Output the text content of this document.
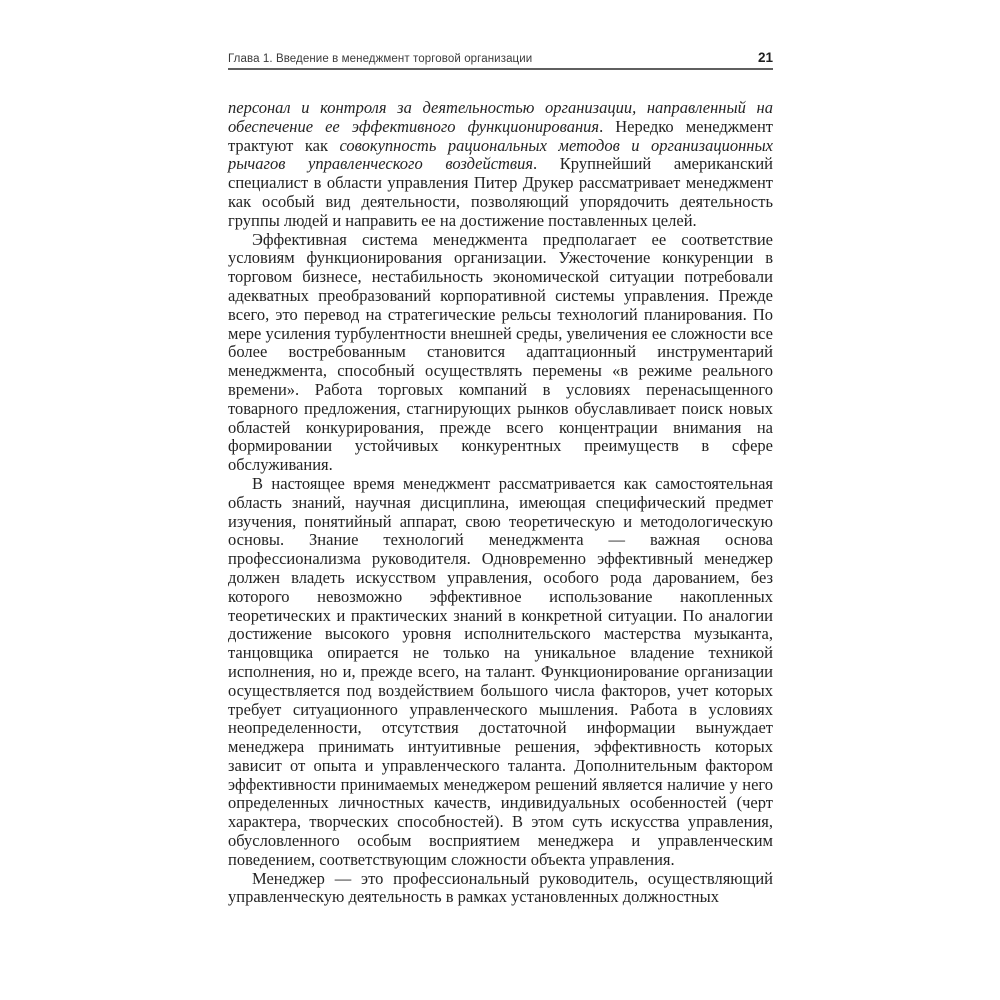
Глава 1. Введение в менеджмент торговой организации	21

персонал и контроля за деятельностью организации, направленный на обеспечение ее эффективного функционирования. Нередко менеджмент трактуют как совокупность рациональных методов и организационных рычагов управленческого воздействия. Крупнейший американский специалист в области управления Питер Друкер рассматривает менеджмент как особый вид деятельности, позволяющий упорядочить деятельность группы людей и направить ее на достижение поставленных целей.

Эффективная система менеджмента предполагает ее соответствие условиям функционирования организации. Ужесточение конкуренции в торговом бизнесе, нестабильность экономической ситуации потребовали адекватных преобразований корпоративной системы управления. Прежде всего, это перевод на стратегические рельсы технологий планирования. По мере усиления турбулентности внешней среды, увеличения ее сложности все более востребованным становится адаптационный инструментарий менеджмента, способный осуществлять перемены «в режиме реального времени». Работа торговых компаний в условиях перенасыщенного товарного предложения, стагнирующих рынков обуславливает поиск новых областей конкурирования, прежде всего концентрации внимания на формировании устойчивых конкурентных преимуществ в сфере обслуживания.

В настоящее время менеджмент рассматривается как самостоятельная область знаний, научная дисциплина, имеющая специфический предмет изучения, понятийный аппарат, свою теоретическую и методологическую основы. Знание технологий менеджмента — важная основа профессионализма руководителя. Одновременно эффективный менеджер должен владеть искусством управления, особого рода дарованием, без которого невозможно эффективное использование накопленных теоретических и практических знаний в конкретной ситуации. По аналогии достижение высокого уровня исполнительского мастерства музыканта, танцовщика опирается не только на уникальное владение техникой исполнения, но и, прежде всего, на талант. Функционирование организации осуществляется под воздействием большого числа факторов, учет которых требует ситуационного управленческого мышления. Работа в условиях неопределенности, отсутствия достаточной информации вынуждает менеджера принимать интуитивные решения, эффективность которых зависит от опыта и управленческого таланта. Дополнительным фактором эффективности принимаемых менеджером решений является наличие у него определенных личностных качеств, индивидуальных особенностей (черт характера, творческих способностей). В этом суть искусства управления, обусловленного особым восприятием менеджера и управленческим поведением, соответствующим сложности объекта управления.

Менеджер — это профессиональный руководитель, осуществляющий управленческую деятельность в рамках установленных должностных
